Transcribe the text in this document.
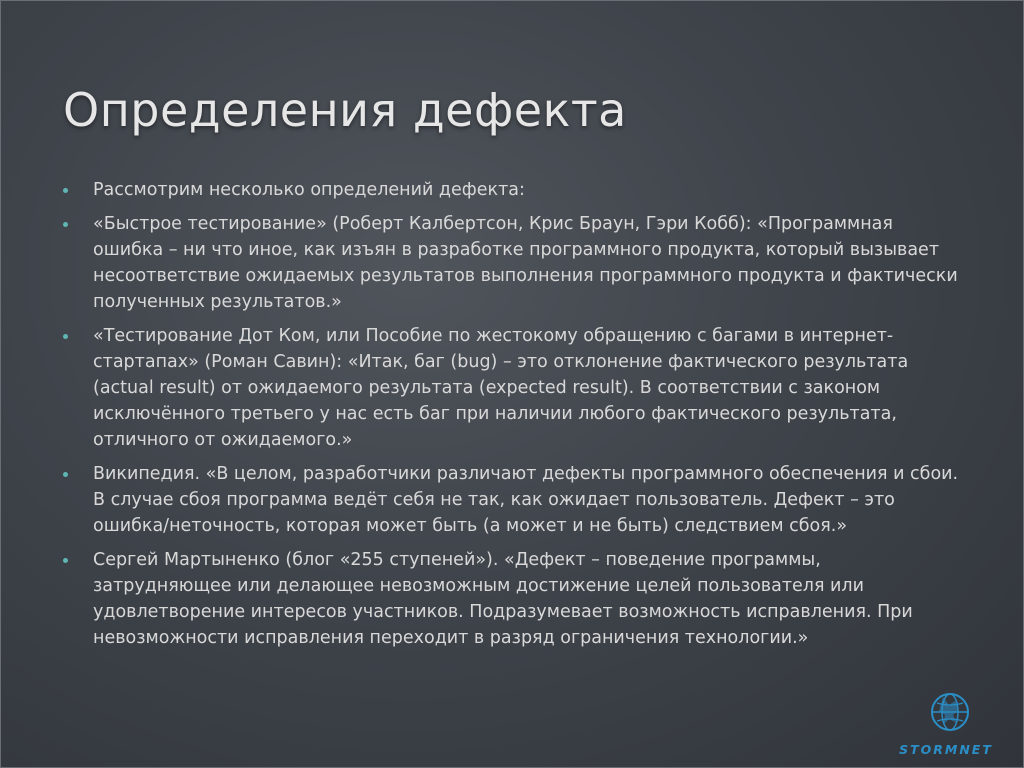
Определения дефекта
Рассмотрим несколько определений дефекта:
«Быстрое тестирование» (Роберт Калбертсон, Крис Браун, Гэри Кобб): «Программная ошибка – ни что иное, как изъян в разработке программного продукта, который вызывает несоответствие ожидаемых результатов выполнения программного продукта и фактически полученных результатов.»
«Тестирование Дот Ком, или Пособие по жестокому обращению с багами в интернет-стартапах» (Роман Савин): «Итак, баг (bug) – это отклонение фактического результата (actual result) от ожидаемого результата (expected result). В соответствии с законом исключённого третьего у нас есть баг при наличии любого фактического результата, отличного от ожидаемого.»
Википедия. «В целом, разработчики различают дефекты программного обеспечения и сбои. В случае сбоя программа ведёт себя не так, как ожидает пользователь. Дефект – это ошибка/неточность, которая может быть (а может и не быть) следствием сбоя.»
Сергей Мартыненко (блог «255 ступеней»). «Дефект – поведение программы, затрудняющее или делающее невозможным достижение целей пользователя или удовлетворение интересов участников. Подразумевает возможность исправления. При невозможности исправления переходит в разряд ограничения технологии.»
STORMNET
